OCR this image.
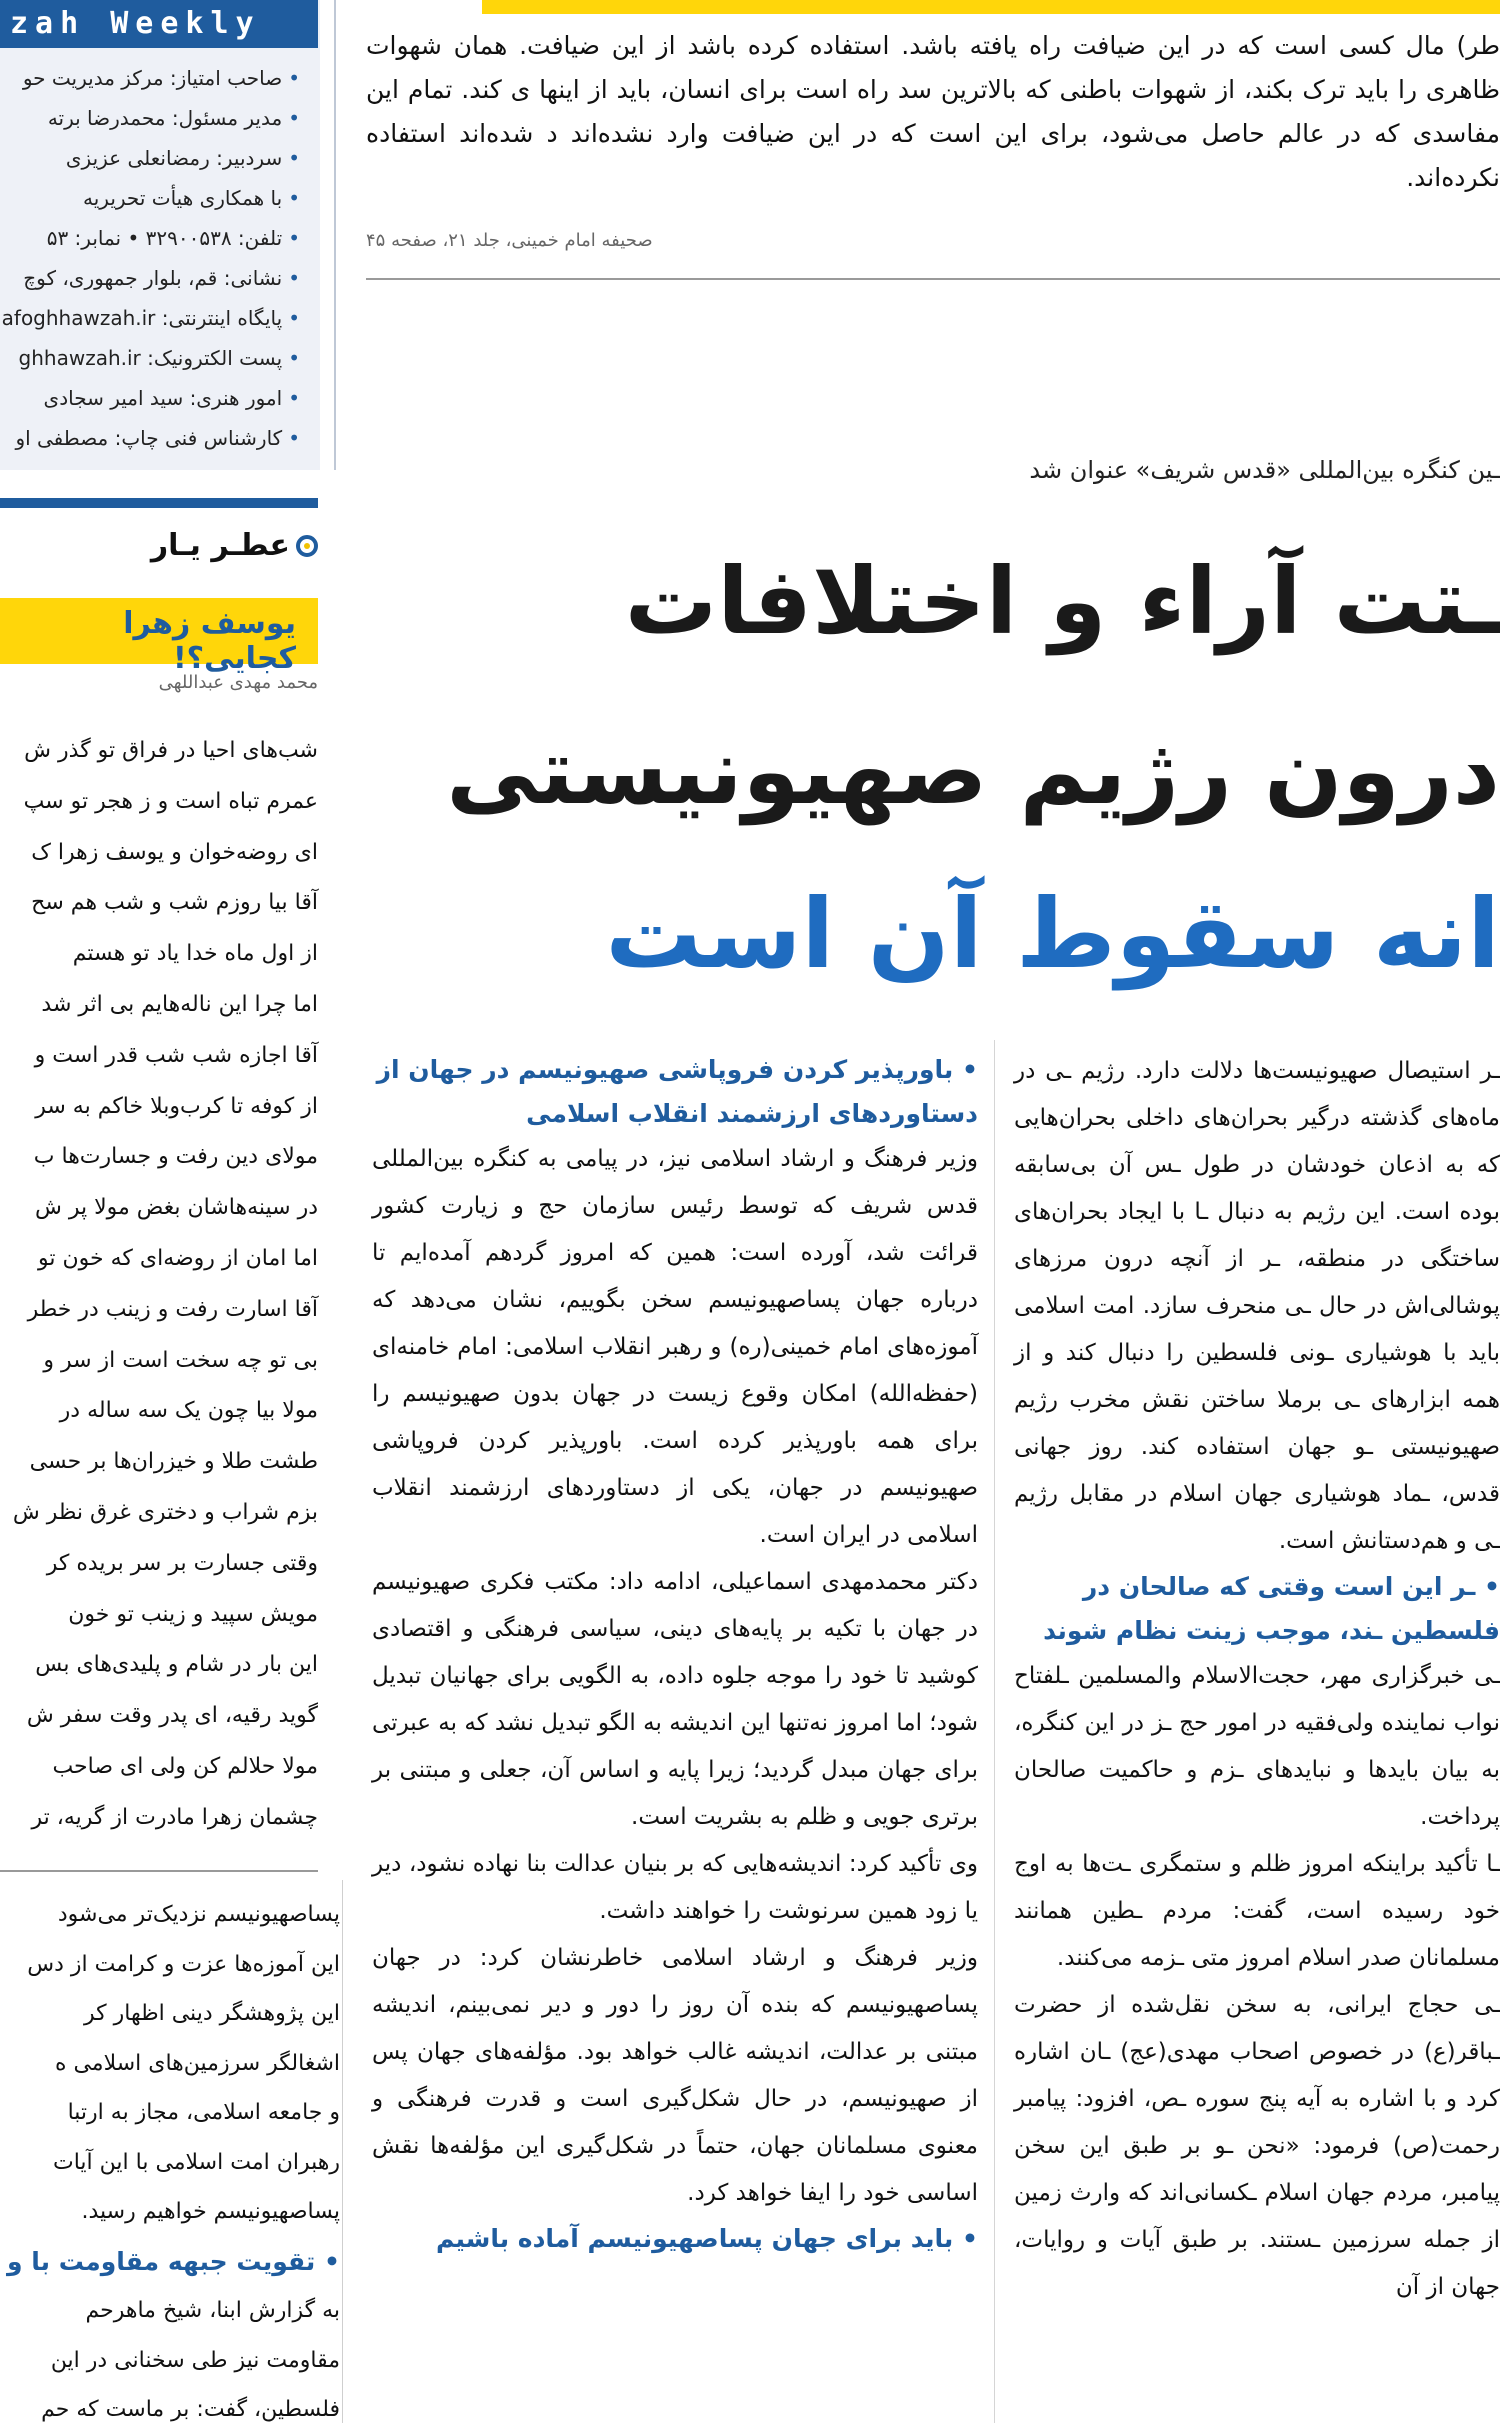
zah Weekly
•صاحب امتیاز: مرکز مدیریت حو
•مدیر مسئول: محمدرضا برته
•سردبیر: رمضانعلی عزیزی
•با همکاری هیأت تحریریه
•تلفن: ۳۲۹۰۰۵۳۸ • نمابر: ۵۳
•نشانی: قم، بلوار جمهوری، کوچ
•پایگاه اینترنتی: afoghhawzah.ir
•پست الکترونیک: ghhawzah.ir
•امور هنری: سید امیر سجادی
•کارشناس فنی چاپ: مصطفی او
عطـر یـار
یوسف زهرا کجایی؟!
محمد مهدی عبداللهی
شب‌های احیا در فراق تو گذر ش
عمرم تباه است و ز هجر تو سپ
ای روضه‌خوان و یوسف زهرا ک
آقا بیا روزم شب و شب هم سح
از اول ماه خدا یاد تو هستم
اما چرا این ناله‌هایم بی اثر شد
آقا اجازه شب شب قدر است و
از کوفه تا کرب‌وبلا خاکم به سر
مولای دین رفت و جسارت‌ها ب
در سینه‌هاشان بغض مولا پر ش
اما امان از روضه‌ای که خون تو
آقا اسارت رفت و زینب در خطر
بی تو چه سخت است از سر و
مولا بیا چون یک سه ساله در
طشت طلا و خیزران‌ها بر حسی
بزم شراب و دختری غرق نظر ش
وقتی جسارت بر سر بریده کر
مویش سپید و زینب تو خون
این بار در شام و پلیدی‌های بس
گوید رقیه، ای پدر وقت سفر ش
مولا حلالم کن ولی ای صاحب
چشمان زهرا مادرت از گریه، تر
پساصهیونیسم نزدیک‌تر می‌شود
این آموزه‌ها عزت و کرامت از دس
این پژوهشگر دینی اظهار کر
اشغالگر سرزمین‌های اسلامی ه
و جامعه اسلامی، مجاز به ارتبا
رهبران امت اسلامی با این آیات
پساصهیونیسم خواهیم رسید.
• تقویت جبهه مقاومت با و
به گزارش ابنا، شیخ ماهرحم
مقاومت نیز طی سخنانی در این
فلسطین، گفت: بر ماست که حم
طر) مال کسی است که در این ضیافت راه یافته باشد. استفاده کرده باشد از این ضیافت. همان شهوات ظاهری را باید ترک بکند، از شهوات باطنی که بالاترین سد راه است برای انسان، باید از اینها ی کند. تمام این مفاسدی که در عالم حاصل می‌شود، برای این است که در این ضیافت وارد نشده‌اند د شده‌اند استفاده نکرده‌اند.
صحیفه امام خمینی، جلد ۲۱، صفحه ۴۵
ـین کنگره بین‌المللی «قدس شریف» عنوان شد
ـتت آراء و اختلافات
درون رژیم صهیونیستی
انه سقوط آن است

• باورپذیر کردن فروپاشی صهیونیسم در جهان از دستاوردهای ارزشمند انقلاب اسلامی

وزیر فرهنگ و ارشاد اسلامی نیز، در پیامی به کنگره بین‌المللی قدس شریف که توسط رئیس سازمان حج و زیارت کشور قرائت شد، آورده است: همین که امروز گردهم آمده‌ایم تا درباره جهان پساصهیونیسم سخن بگوییم، نشان می‌دهد که آموزه‌های امام خمینی(ره) و رهبر انقلاب اسلامی: امام خامنه‌ای (حفظه‌الله) امکان وقوع زیست در جهان بدون صهیونیسم را برای همه باورپذیر کرده است. باورپذیر کردن فروپاشی صهیونیسم در جهان، یکی از دستاوردهای ارزشمند انقلاب اسلامی در ایران است.

دکتر محمدمهدی اسماعیلی، ادامه داد: مکتب فکری صهیونیسم در جهان با تکیه بر پایه‌های دینی، سیاسی فرهنگی و اقتصادی کوشید تا خود را موجه جلوه داده، به الگویی برای جهانیان تبدیل شود؛ اما امروز نه‌تنها این اندیشه به الگو تبدیل نشد که به عبرتی برای جهان مبدل گردید؛ زیرا پایه و اساس آن، جعلی و مبتنی بر برتری جویی و ظلم به بشریت است.

وی تأکید کرد: اندیشه‌هایی که بر بنیان عدالت بنا نهاده نشود، دیر یا زود همین سرنوشت را خواهند داشت.

وزیر فرهنگ و ارشاد اسلامی خاطرنشان کرد: در جهان پساصهیونیسم که بنده آن روز را دور و دیر نمی‌بینم، اندیشه مبتنی بر عدالت، اندیشه غالب خواهد بود. مؤلفه‌های جهان پس از صهیونیسم، در حال شکل‌گیری است و قدرت فرهنگی و معنوی مسلمانان جهان، حتماً در شکل‌گیری این مؤلفه‌ها نقش اساسی خود را ایفا خواهد کرد.

• باید برای جهان پساصهیونیسم آماده باشیم

ـر استیصال صهیونیست‌ها دلالت دارد. رژیم ـی در ماه‌های گذشته درگیر بحران‌های داخلی بحران‌هایی که به اذعان خودشان در طول ـس آن بی‌سابقه بوده است. این رژیم به دنبال ـا با ایجاد بحران‌های ساختگی در منطقه، ـر از آنچه درون مرزهای پوشالی‌اش در حال ـی منحرف سازد. امت اسلامی باید با هوشیاری ـونی فلسطین را دنبال کند و از همه ابزارهای ـی برملا ساختن نقش مخرب رژیم صهیونیستی ـو جهان استفاده کند. روز جهانی قدس، ـماد هوشیاری جهان اسلام در مقابل رژیم ـی و هم‌دستانش است.

• ـر این است وقتی که صالحان در فلسطین ـند، موجب زینت نظام شوند

ـی خبرگزاری مهر، حجت‌الاسلام والمسلمین ـلفتاح نواب نماینده ولی‌فقیه در امور حج ـز در این کنگره، به بیان بایدها و نبایدهای ـزم و حاکمیت صالحان پرداخت.

ـا تأکید براینکه امروز ظلم و ستمگری ـت‌ها به اوج خود رسیده است، گفت: مردم ـطین همانند مسلمانان صدر اسلام امروز متی ـزمه می‌کنند.

ـی حجاج ایرانی، به سخن نقل‌شده از حضرت ـباقر(ع) در خصوص اصحاب مهدی(عج) ـان اشاره کرد و با اشاره به آیه پنج سوره ـص، افزود: پیامبر رحمت(ص) فرمود: «نحن ـو بر طبق این سخن پیامبر، مردم جهان اسلام ـکسانی‌اند که وارث زمین از جمله سرزمین ـستند. بر طبق آیات و روایات، جهان از آن
